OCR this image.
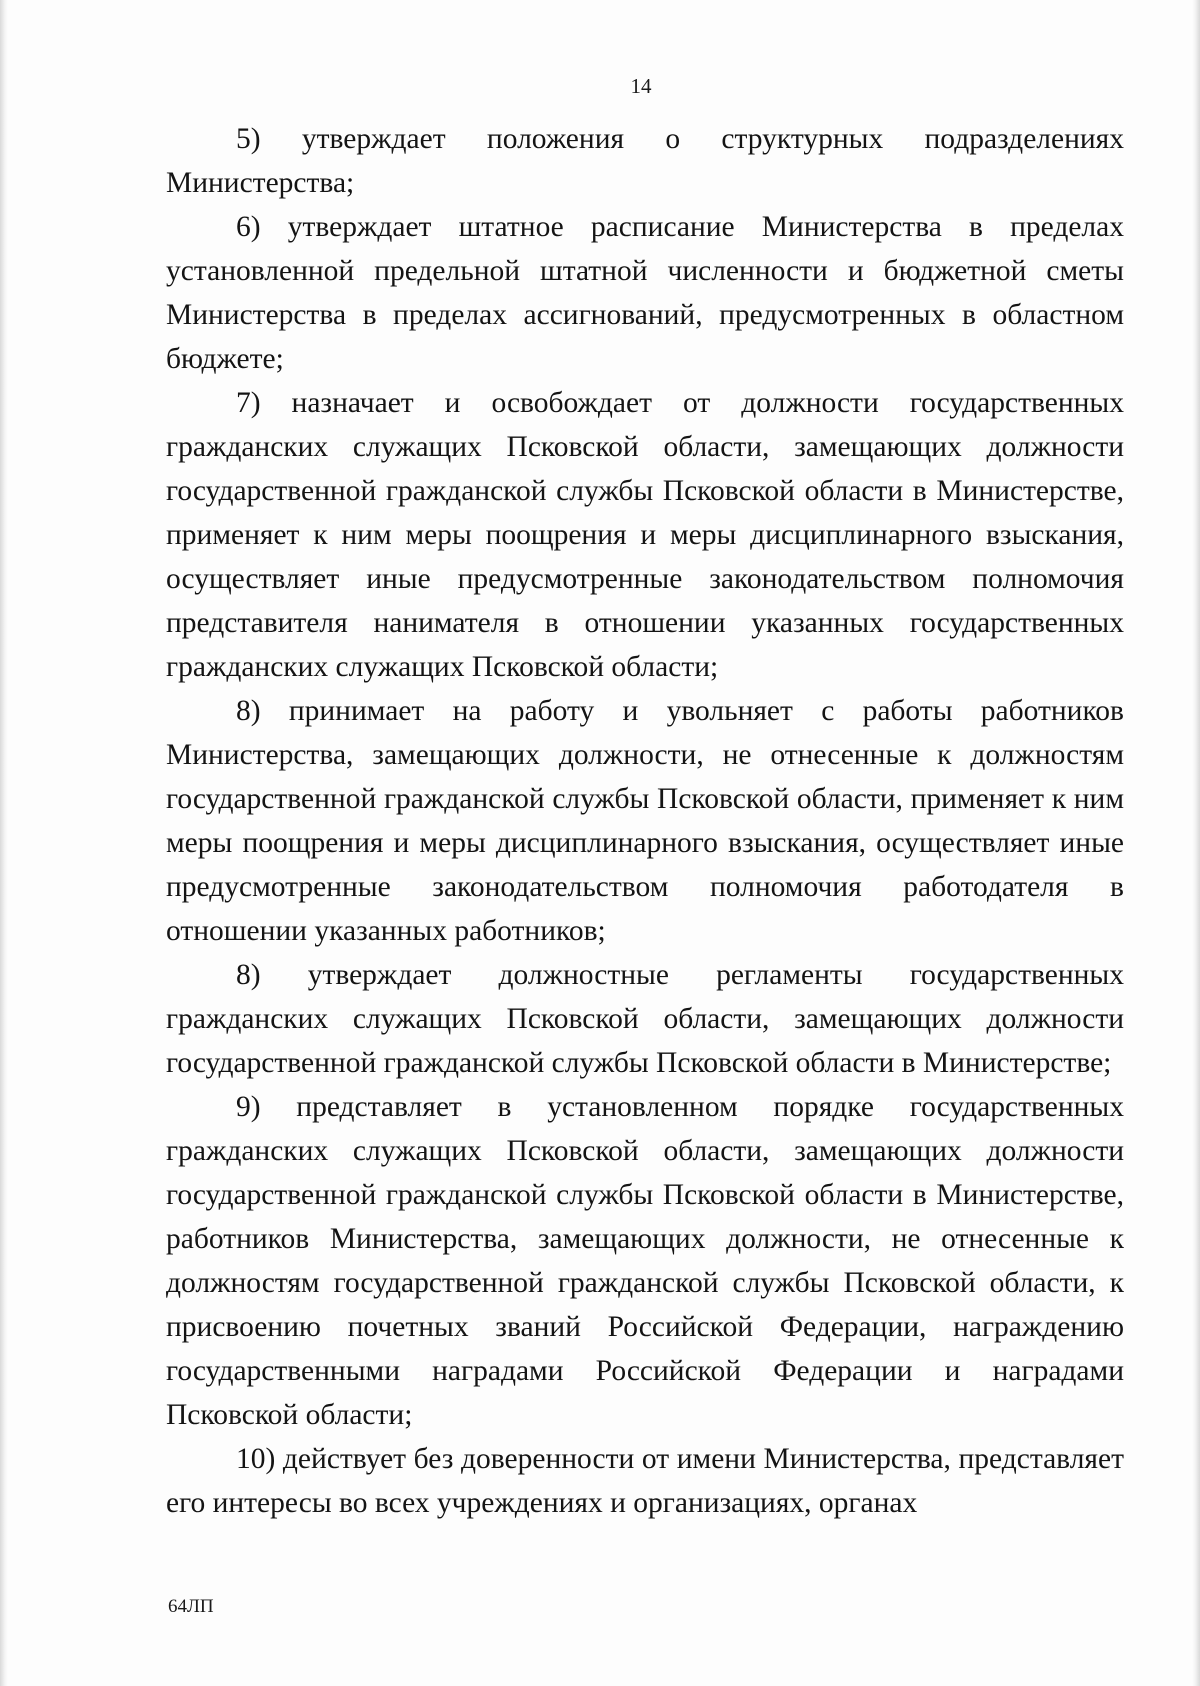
14

5) утверждает положения о структурных подразделениях Министерства;

6) утверждает штатное расписание Министерства в пределах установленной предельной штатной численности и бюджетной сметы Министерства в пределах ассигнований, предусмотренных в областном бюджете;

7) назначает и освобождает от должности государственных гражданских служащих Псковской области, замещающих должности государственной гражданской службы Псковской области в Министерстве, применяет к ним меры поощрения и меры дисциплинарного взыскания, осуществляет иные предусмотренные законодательством полномочия представителя нанимателя в отношении указанных государственных гражданских служащих Псковской области;

8) принимает на работу и увольняет с работы работников Министерства, замещающих должности, не отнесенные к должностям государственной гражданской службы Псковской области, применяет к ним меры поощрения и меры дисциплинарного взыскания, осуществляет иные предусмотренные законодательством полномочия работодателя в отношении указанных работников;

8) утверждает должностные регламенты государственных гражданских служащих Псковской области, замещающих должности государственной гражданской службы Псковской области в Министерстве;

9) представляет в установленном порядке государственных гражданских служащих Псковской области, замещающих должности государственной гражданской службы Псковской области в Министерстве, работников Министерства, замещающих должности, не отнесенные к должностям государственной гражданской службы Псковской области, к присвоению почетных званий Российской Федерации, награждению государственными наградами Российской Федерации и наградами Псковской области;

10) действует без доверенности от имени Министерства, представляет его интересы во всех учреждениях и организациях, органах

64ЛП
